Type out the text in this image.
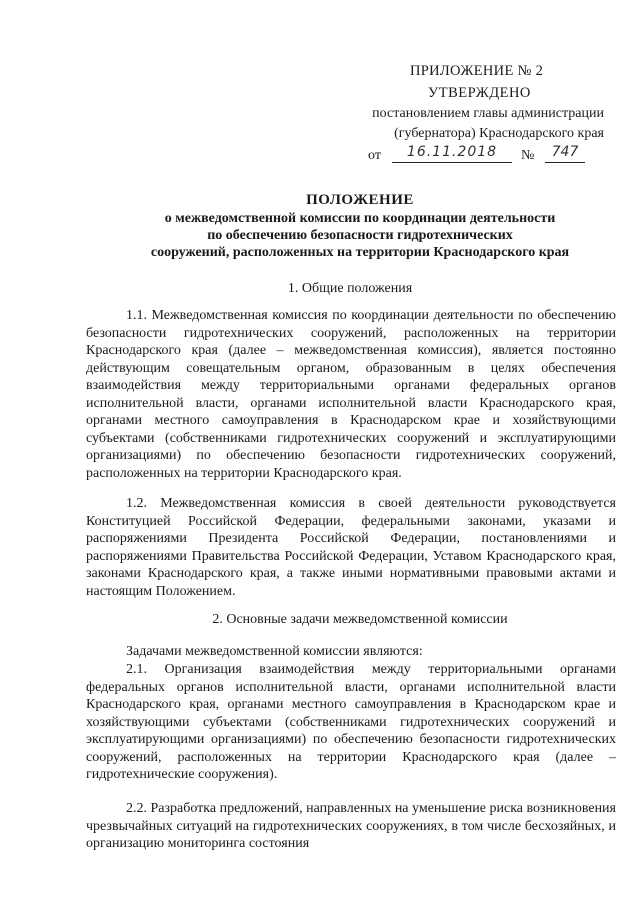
ПРИЛОЖЕНИЕ № 2
УТВЕРЖДЕНО
постановлением главы администрации
(губернатора) Краснодарского края
от	16.11.2018	№	747
ПОЛОЖЕНИЕ
о межведомственной комиссии по координации деятельности
по обеспечению безопасности гидротехнических
сооружений, расположенных на территории Краснодарского края
1. Общие положения
1.1. Межведомственная комиссия по координации деятельности по обеспечению безопасности гидротехнических сооружений, расположенных на территории Краснодарского края (далее – межведомственная комиссия), является постоянно действующим совещательным органом, образованным в целях обеспечения взаимодействия между территориальными органами федеральных органов исполнительной власти, органами исполнительной власти Краснодарского края, органами местного самоуправления в Краснодарском крае и хозяйствующими субъектами (собственниками гидротехнических сооружений и эксплуатирующими организациями) по обеспечению безопасности гидротехнических сооружений, расположенных на территории Краснодарского края.
1.2. Межведомственная комиссия в своей деятельности руководствуется Конституцией Российской Федерации, федеральными законами, указами и распоряжениями Президента Российской Федерации, постановлениями и распоряжениями Правительства Российской Федерации, Уставом Краснодарского края, законами Краснодарского края, а также иными нормативными правовыми актами и настоящим Положением.
2. Основные задачи межведомственной комиссии
Задачами межведомственной комиссии являются:
2.1. Организация взаимодействия между территориальными органами федеральных органов исполнительной власти, органами исполнительной власти Краснодарского края, органами местного самоуправления в Краснодарском крае и хозяйствующими субъектами (собственниками гидротехнических сооружений и эксплуатирующими организациями) по обеспечению безопасности гидротехнических сооружений, расположенных на территории Краснодарского края (далее – гидротехнические сооружения).
2.2. Разработка предложений, направленных на уменьшение риска возникновения чрезвычайных ситуаций на гидротехнических сооружениях, в том числе бесхозяйных, и организацию мониторинга состояния
